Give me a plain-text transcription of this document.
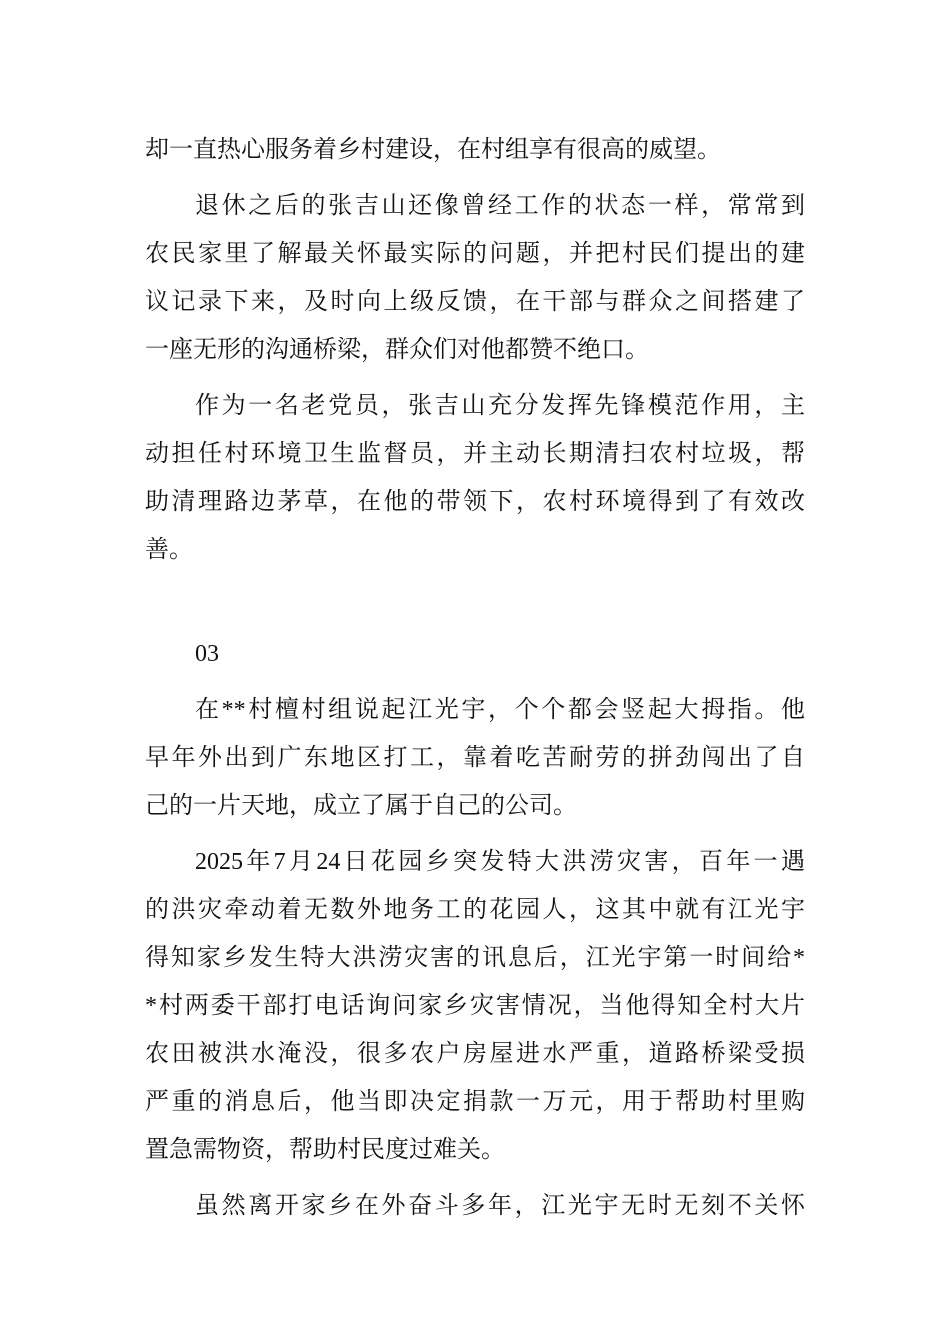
却一直热心服务着乡村建设，在村组享有很高的威望。
退休之后的张吉山还像曾经工作的状态一样，常常到
农民家里了解最关怀最实际的问题，并把村民们提出的建
议记录下来，及时向上级反馈，在干部与群众之间搭建了
一座无形的沟通桥梁，群众们对他都赞不绝口。
作为一名老党员，张吉山充分发挥先锋模范作用，主
动担任村环境卫生监督员，并主动长期清扫农村垃圾，帮
助清理路边茅草，在他的带领下，农村环境得到了有效改
善。
03
在**村檀村组说起江光宇，个个都会竖起大拇指。他
早年外出到广东地区打工，靠着吃苦耐劳的拼劲闯出了自
己的一片天地，成立了属于自己的公司。
2025年7月24日花园乡突发特大洪涝灾害，百年一遇
的洪灾牵动着无数外地务工的花园人，这其中就有江光宇
得知家乡发生特大洪涝灾害的讯息后，江光宇第一时间给*
*村两委干部打电话询问家乡灾害情况，当他得知全村大片
农田被洪水淹没，很多农户房屋进水严重，道路桥梁受损
严重的消息后，他当即决定捐款一万元，用于帮助村里购
置急需物资，帮助村民度过难关。
虽然离开家乡在外奋斗多年，江光宇无时无刻不关怀
